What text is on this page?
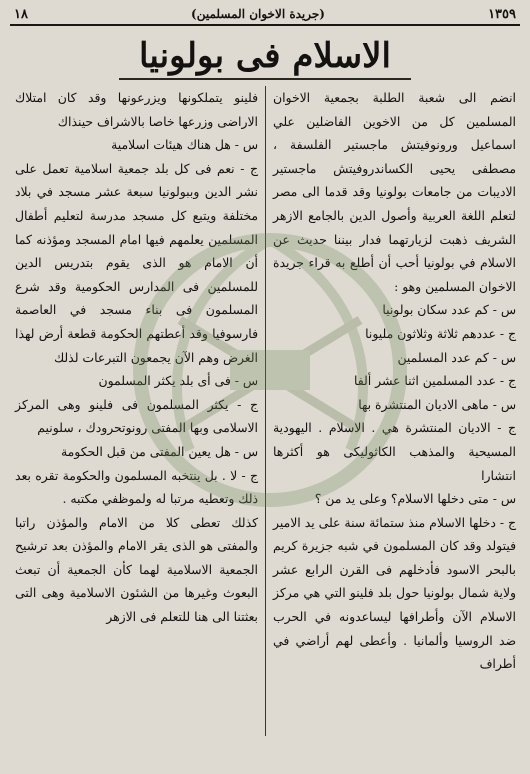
١٨	(جريدة الاخوان المسلمين)	١٣٥٩
الاسلام فى بولونيا

انضم الى شعبة الطلبة بجمعية الاخوان المسلمين كل من الاخوين الفاضلين علي اسماعيل ورونوفيتش ماجستير الفلسفة ، مصطفى يحيى الكساندروفيتش ماجستير الاديبات من جامعات بولونيا وقد قدما الى مصر لتعلم اللغة العربية وأصول الدين بالجامع الازهر الشريف ذهبت لزيارتهما فدار بيننا حديث عن الاسلام في بولونيا أحب أن أطلع به قراء جريدة الاخوان المسلمين وهو :

س - كم عدد سكان بولونيا

ج - عددهم ثلاثة وثلاثون مليونا

س - كم عدد المسلمين

ج - عدد المسلمين اثنا عشر ألفا

س - ماهى الاديان المنتشرة بها

ج - الاديان المنتشرة هي . الاسلام . اليهودية المسيحية والمذهب الكاثوليكى هو أكثرها انتشارا

س - متى دخلها الاسلام؟ وعلى يد من ؟

ج - دخلها الاسلام منذ ستمائة سنة على يد الامير فيتولد وقد كان المسلمون في شبه جزيرة كريم بالبحر الاسود فأدخلهم فى القرن الرابع عشر ولاية شمال بولونيا حول بلد فلينو التي هي مركز الاسلام الآن وأطرافها ليساعدونه في الحرب ضد الروسيا وألمانيا . وأعطى لهم أراضي في أطراف

فلينو يتملكونها ويزرعونها وقد كان امتلاك الاراضى وزرعها خاصا بالاشراف حينذاك

س - هل هناك هيئات اسلامية

ج - نعم فى كل بلد جمعية اسلامية تعمل على نشر الدين وببولونيا سبعة عشر مسجد في بلاد مختلفة ويتبع كل مسجد مدرسة لتعليم أطفال المسلمين يعلمهم فيها امام المسجد ومؤذنه كما أن الامام هو الذى يقوم بتدريس الدين للمسلمين فى المدارس الحكومية وقد شرع المسلمون فى بناء مسجد في العاصمة فارسوفيا وقد أعطتهم الحكومة قطعة أرض لهذا الغرض وهم الآن يجمعون التبرعات لذلك

س - فى أى بلد يكثر المسلمون

ج - يكثر المسلمون فى فلينو وهى المركز الاسلامى وبها المفتى رونوتحرودك ، سلونيم

س - هل يعين المفتى من قبل الحكومة

ج - لا . بل ينتخبه المسلمون والحكومة تقره بعد ذلك وتعطيه مرتبا له ولموظفي مكتبه .

كذلك تعطى كلا من الامام والمؤذن راتبا والمفتى هو الذى يقر الامام والمؤذن بعد ترشيح الجمعية الاسلامية لهما كأن الجمعية أن تبعث البعوث وغيرها من الشئون الاسلامية وهى التى بعثتنا الى هنا للتعلم فى الازهر
